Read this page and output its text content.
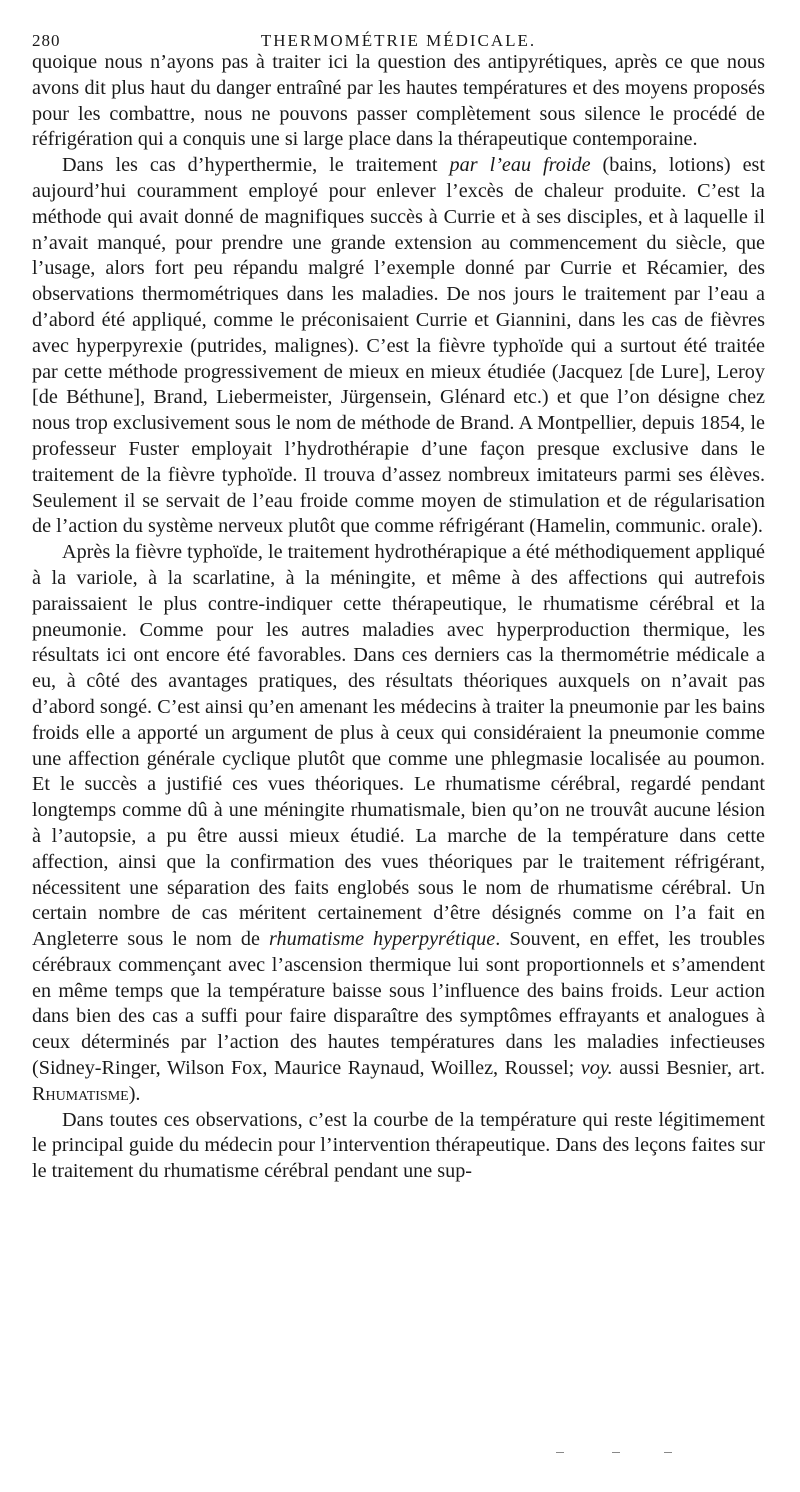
280	THERMOMÉTRIE MÉDICALE.

quoique nous n’ayons pas à traiter ici la question des antipyrétiques, après ce que nous avons dit plus haut du danger entraîné par les hautes températures et des moyens proposés pour les combattre, nous ne pouvons passer complètement sous silence le procédé de réfrigération qui a conquis une si large place dans la thérapeutique contemporaine.

Dans les cas d’hyperthermie, le traitement par l’eau froide (bains, lotions) est aujourd’hui couramment employé pour enlever l’excès de chaleur produite. C’est la méthode qui avait donné de magnifiques succès à Currie et à ses disciples, et à laquelle il n’avait manqué, pour prendre une grande extension au commencement du siècle, que l’usage, alors fort peu répandu malgré l’exemple donné par Currie et Récamier, des observations thermométriques dans les maladies. De nos jours le traitement par l’eau a d’abord été appliqué, comme le préconisaient Currie et Giannini, dans les cas de fièvres avec hyperpyrexie (putrides, malignes). C’est la fièvre typhoïde qui a surtout été traitée par cette méthode progressivement de mieux en mieux étudiée (Jacquez [de Lure], Leroy [de Béthune], Brand, Liebermeister, Jürgensein, Glénard etc.) et que l’on désigne chez nous trop exclusivement sous le nom de méthode de Brand. A Montpellier, depuis 1854, le professeur Fuster employait l’hydrothérapie d’une façon presque exclusive dans le traitement de la fièvre typhoïde. Il trouva d’assez nombreux imitateurs parmi ses élèves. Seulement il se servait de l’eau froide comme moyen de stimulation et de régularisation de l’action du système nerveux plutôt que comme réfrigérant (Hamelin, communic. orale).

Après la fièvre typhoïde, le traitement hydrothérapique a été méthodiquement appliqué à la variole, à la scarlatine, à la méningite, et même à des affections qui autrefois paraissaient le plus contre-indiquer cette thérapeutique, le rhumatisme cérébral et la pneumonie. Comme pour les autres maladies avec hyperproduction thermique, les résultats ici ont encore été favorables. Dans ces derniers cas la thermométrie médicale a eu, à côté des avantages pratiques, des résultats théoriques auxquels on n’avait pas d’abord songé. C’est ainsi qu’en amenant les médecins à traiter la pneumonie par les bains froids elle a apporté un argument de plus à ceux qui considéraient la pneumonie comme une affection générale cyclique plutôt que comme une phlegmasie localisée au poumon. Et le succès a justifié ces vues théoriques. Le rhumatisme cérébral, regardé pendant longtemps comme dû à une méningite rhumatismale, bien qu’on ne trouvât aucune lésion à l’autopsie, a pu être aussi mieux étudié. La marche de la température dans cette affection, ainsi que la confirmation des vues théoriques par le traitement réfrigérant, nécessitent une séparation des faits englobés sous le nom de rhumatisme cérébral. Un certain nombre de cas méritent certainement d’être désignés comme on l’a fait en Angleterre sous le nom de rhumatisme hyperpyrétique. Souvent, en effet, les troubles cérébraux commençant avec l’ascension thermique lui sont proportionnels et s’amendent en même temps que la température baisse sous l’influence des bains froids. Leur action dans bien des cas a suffi pour faire disparaître des symptômes effrayants et analogues à ceux déterminés par l’action des hautes températures dans les maladies infectieuses (Sidney-Ringer, Wilson Fox, Maurice Raynaud, Woillez, Roussel; voy. aussi Besnier, art. Rhumatisme).

Dans toutes ces observations, c’est la courbe de la température qui reste légitimement le principal guide du médecin pour l’intervention thérapeutique. Dans des leçons faites sur le traitement du rhumatisme cérébral pendant une sup-
